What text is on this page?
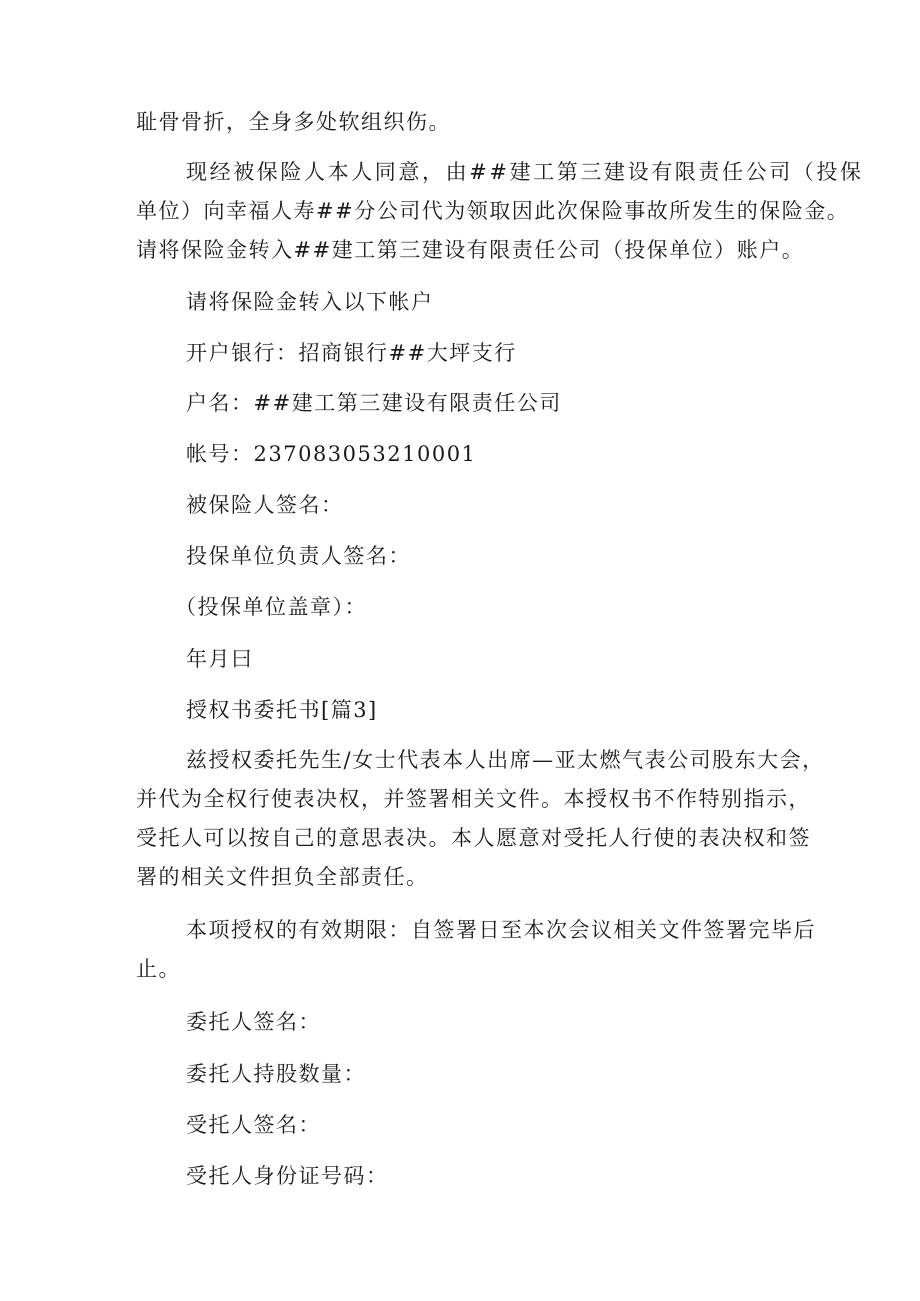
耻骨骨折，全身多处软组织伤。
现经被保险人本人同意，由##建工第三建设有限责任公司（投保
单位）向幸福人寿##分公司代为领取因此次保险事故所发生的保险金。
请将保险金转入##建工第三建设有限责任公司（投保单位）账户。
请将保险金转入以下帐户
开户银行：招商银行##大坪支行
户名：##建工第三建设有限责任公司
帐号：237083053210001
被保险人签名：
投保单位负责人签名：
（投保单位盖章）：
年月曰
授权书委托书[篇3]
兹授权委托先生/女士代表本人出席—亚太燃气表公司股东大会，
并代为全权行使表决权，并签署相关文件。本授权书不作特别指示，
受托人可以按自己的意思表决。本人愿意对受托人行使的表决权和签
署的相关文件担负全部责任。
本项授权的有效期限：自签署日至本次会议相关文件签署完毕后
止。
委托人签名：
委托人持股数量：
受托人签名：
受托人身份证号码：
